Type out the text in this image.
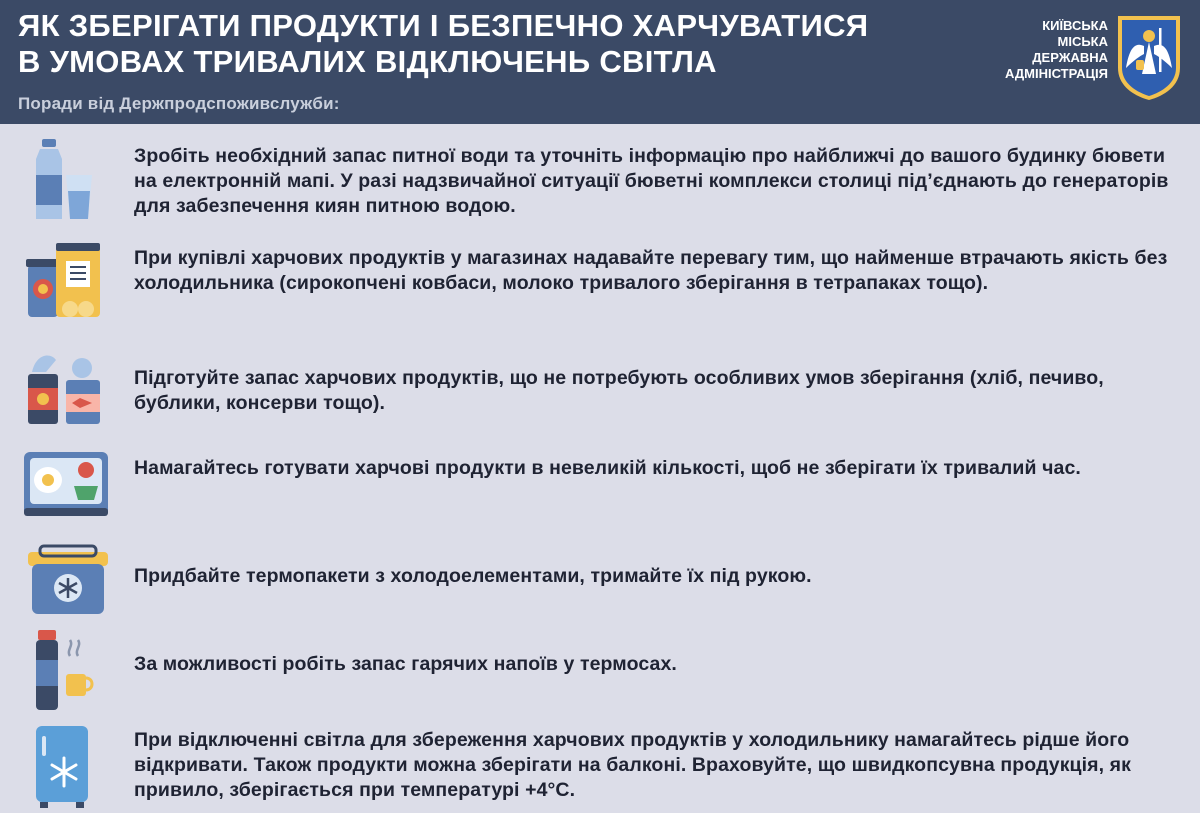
ЯК ЗБЕРІГАТИ ПРОДУКТИ І БЕЗПЕЧНО ХАРЧУВАТИСЯ
В УМОВАХ ТРИВАЛИХ ВІДКЛЮЧЕНЬ СВІТЛА
Поради від Держпродспоживслужби:
КИЇВСЬКА
МІСЬКА
ДЕРЖАВНА
АДМІНІСТРАЦІЯ
Зробіть необхідний запас питної води та уточніть інформацію про найближчі до вашого будинку бювети на електронній мапі. У разі надзвичайної ситуації бюветні комплекси столиці під’єднають до генераторів для забезпечення киян питною водою.
При купівлі харчових продуктів у магазинах надавайте перевагу тим, що найменше втрачають якість без холодильника (сирокопчені ковбаси, молоко тривалого зберігання в тетрапаках тощо).
Підготуйте запас харчових продуктів, що не потребують особливих умов зберігання (хліб, печиво, бублики, консерви тощо).
Намагайтесь готувати харчові продукти в невеликій кількості, щоб не зберігати їх тривалий час.
Придбайте термопакети з холодоелементами, тримайте їх під рукою.
За можливості робіть запас гарячих напоїв у термосах.
При відключенні світла для збереження харчових продуктів у холодильнику намагайтесь рідше його відкривати. Також продукти можна зберігати на балконі. Враховуйте, що швидкопсувна продукція, як привило, зберігається при температурі +4°С.
